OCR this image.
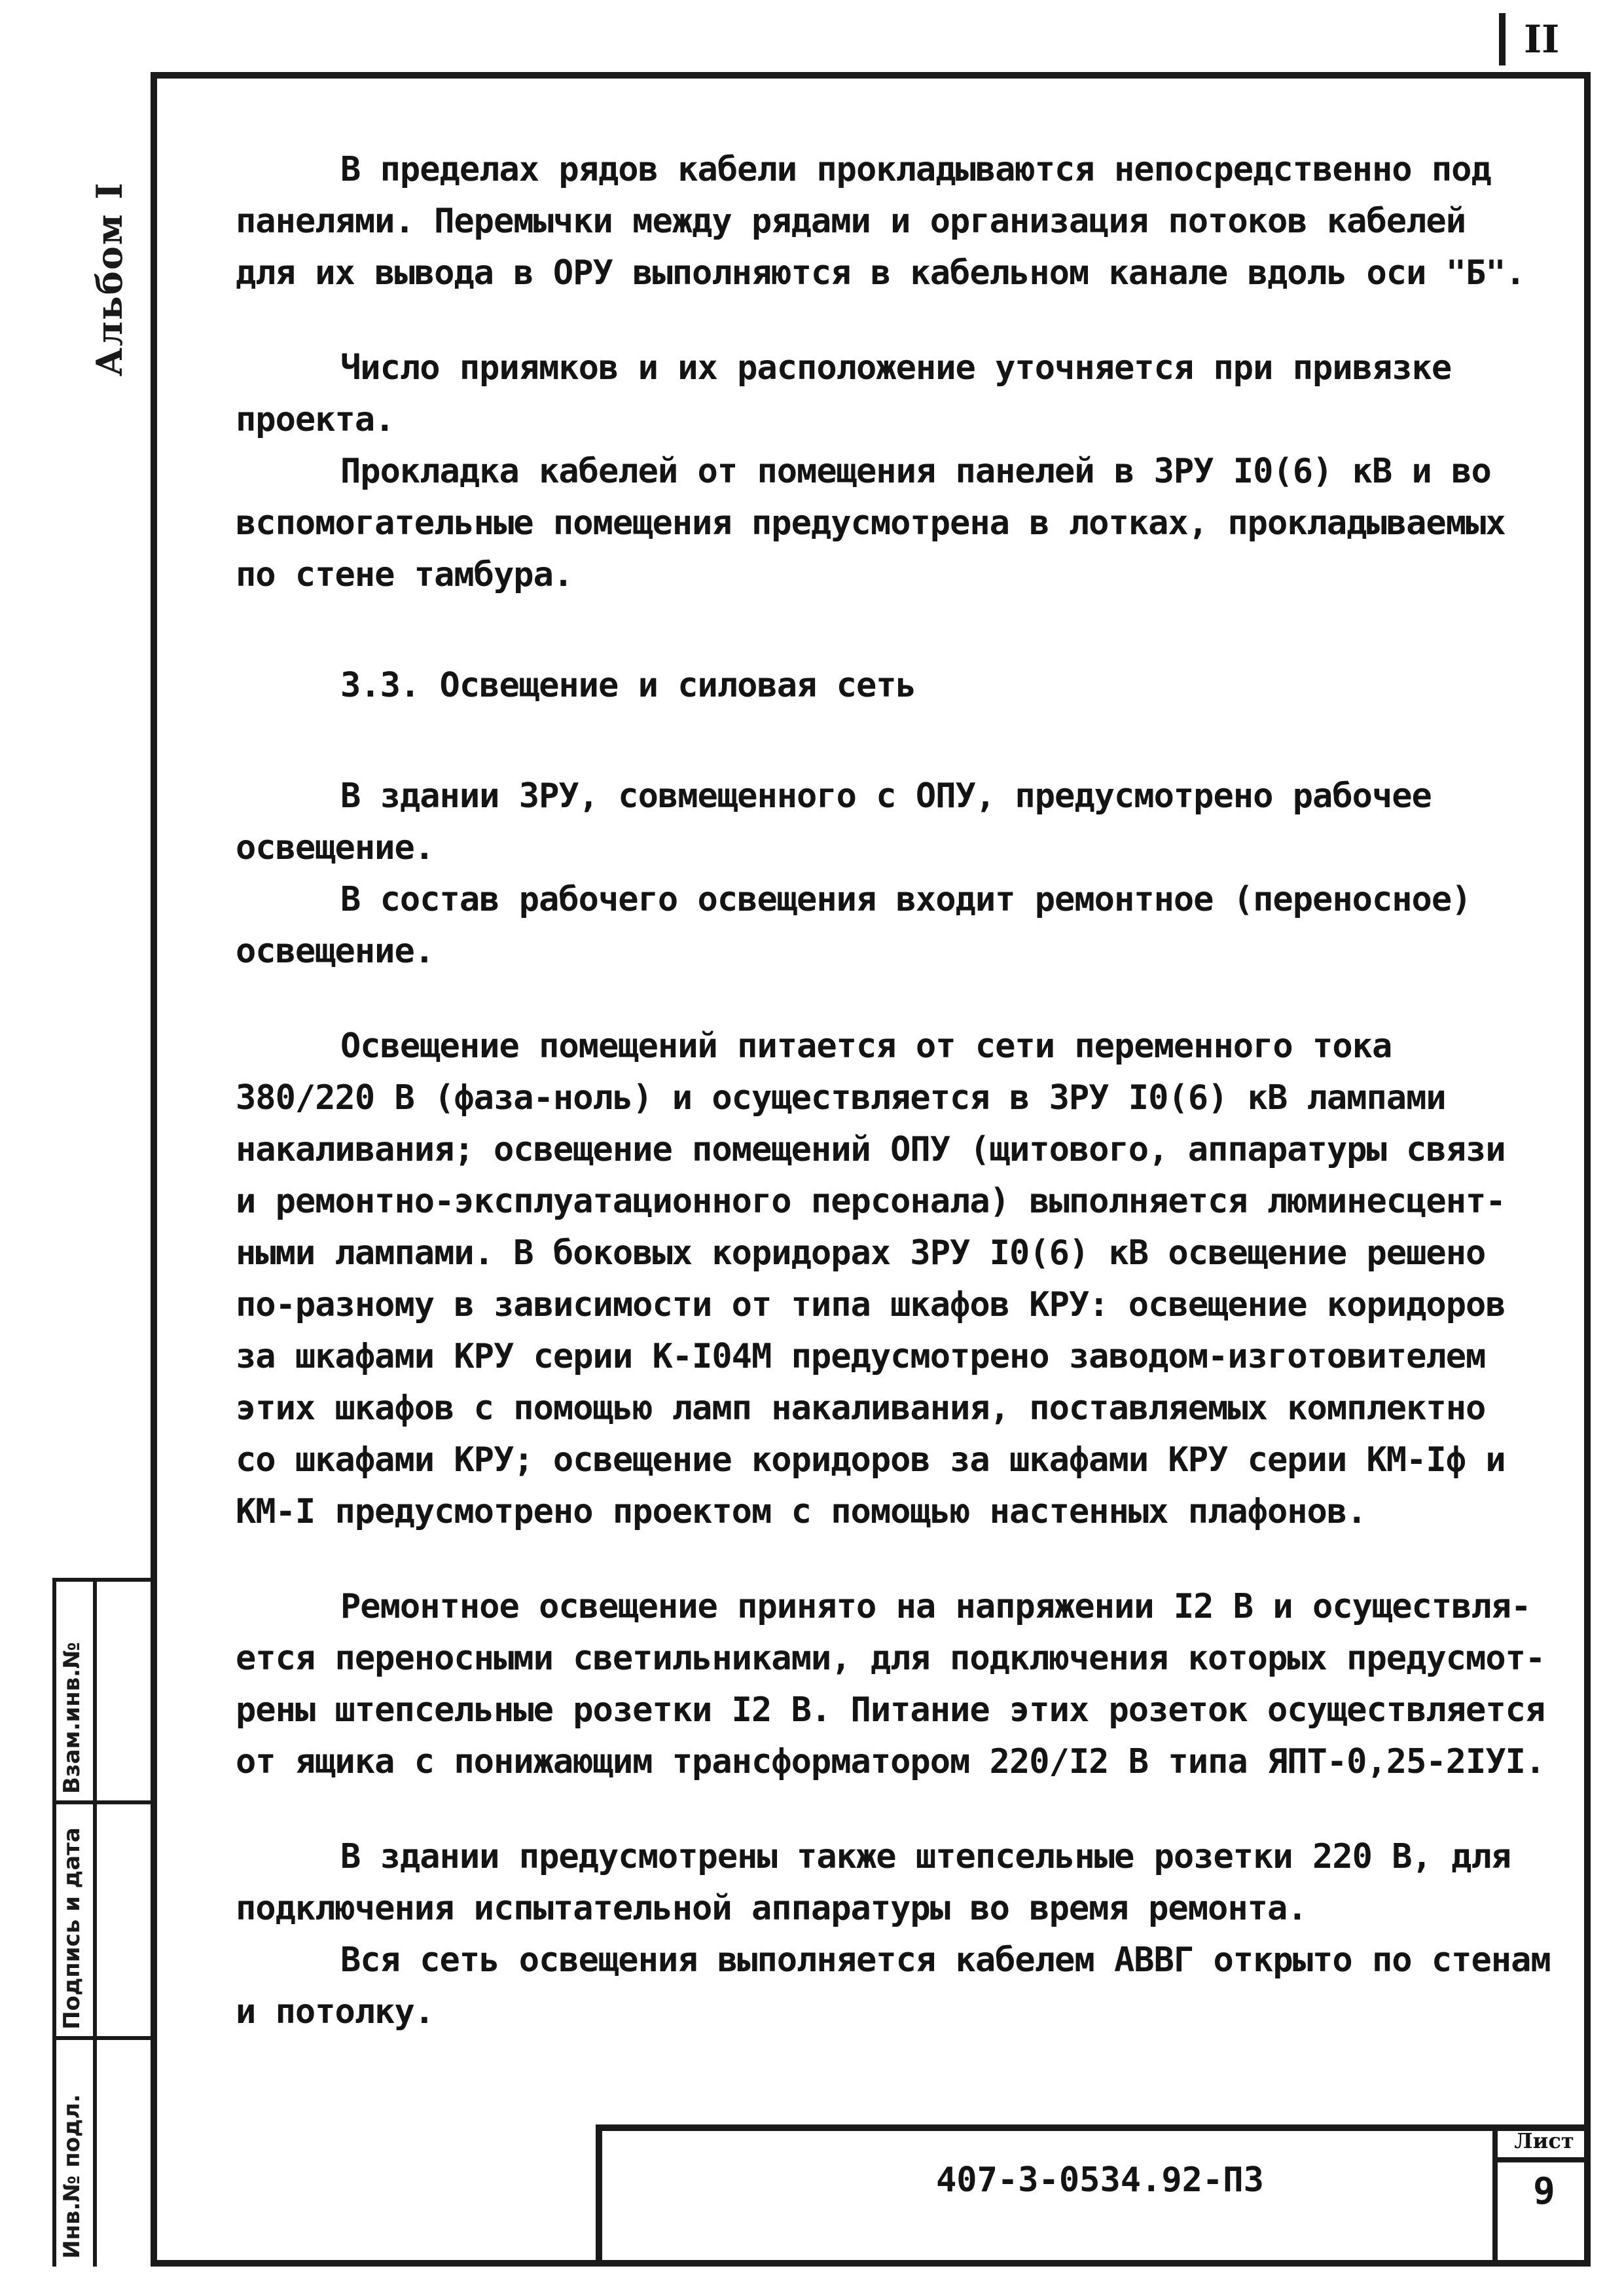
II
Альбом I
Взам.инв.№
Подпись и дата
Инв.№ подл.
В пределах рядов кабели прокладываются непосредственно под
панелями. Перемычки между рядами и организация потоков кабелей
для их вывода в ОРУ выполняются в кабельном канале вдоль оси "Б".
Число приямков и их расположение уточняется при привязке
проекта.
Прокладка кабелей от помещения панелей в ЗРУ I0(6) кВ и во
вспомогательные помещения предусмотрена в лотках, прокладываемых
по стене тамбура.
3.3. Освещение и силовая сеть
В здании ЗРУ, совмещенного с ОПУ, предусмотрено рабочее
освещение.
В состав рабочего освещения входит ремонтное (переносное)
освещение.
Освещение помещений питается от сети переменного тока
380/220 В (фаза-ноль) и осуществляется в ЗРУ I0(6) кВ лампами
накаливания; освещение помещений ОПУ (щитового, аппаратуры связи
и ремонтно-эксплуатационного персонала) выполняется люминесцент-
ными лампами. В боковых коридорах ЗРУ I0(6) кВ освещение решено
по-разному в зависимости от типа шкафов КРУ: освещение коридоров
за шкафами КРУ серии К-I04М предусмотрено заводом-изготовителем
этих шкафов с помощью ламп накаливания, поставляемых комплектно
со шкафами КРУ; освещение коридоров за шкафами КРУ серии КМ-Iф и
КМ-I предусмотрено проектом с помощью настенных плафонов.
Ремонтное освещение принято на напряжении I2 В и осуществля-
ется переносными светильниками, для подключения которых предусмот-
рены штепсельные розетки I2 В. Питание этих розеток осуществляется
от ящика с понижающим трансформатором 220/I2 В типа ЯПТ-0,25-2IУI.
В здании предусмотрены также штепсельные розетки 220 В, для
подключения испытательной аппаратуры во время ремонта.
Вся сеть освещения выполняется кабелем АВВГ открыто по стенам
и потолку.
407-3-0534.92-ПЗ
Лист
9
